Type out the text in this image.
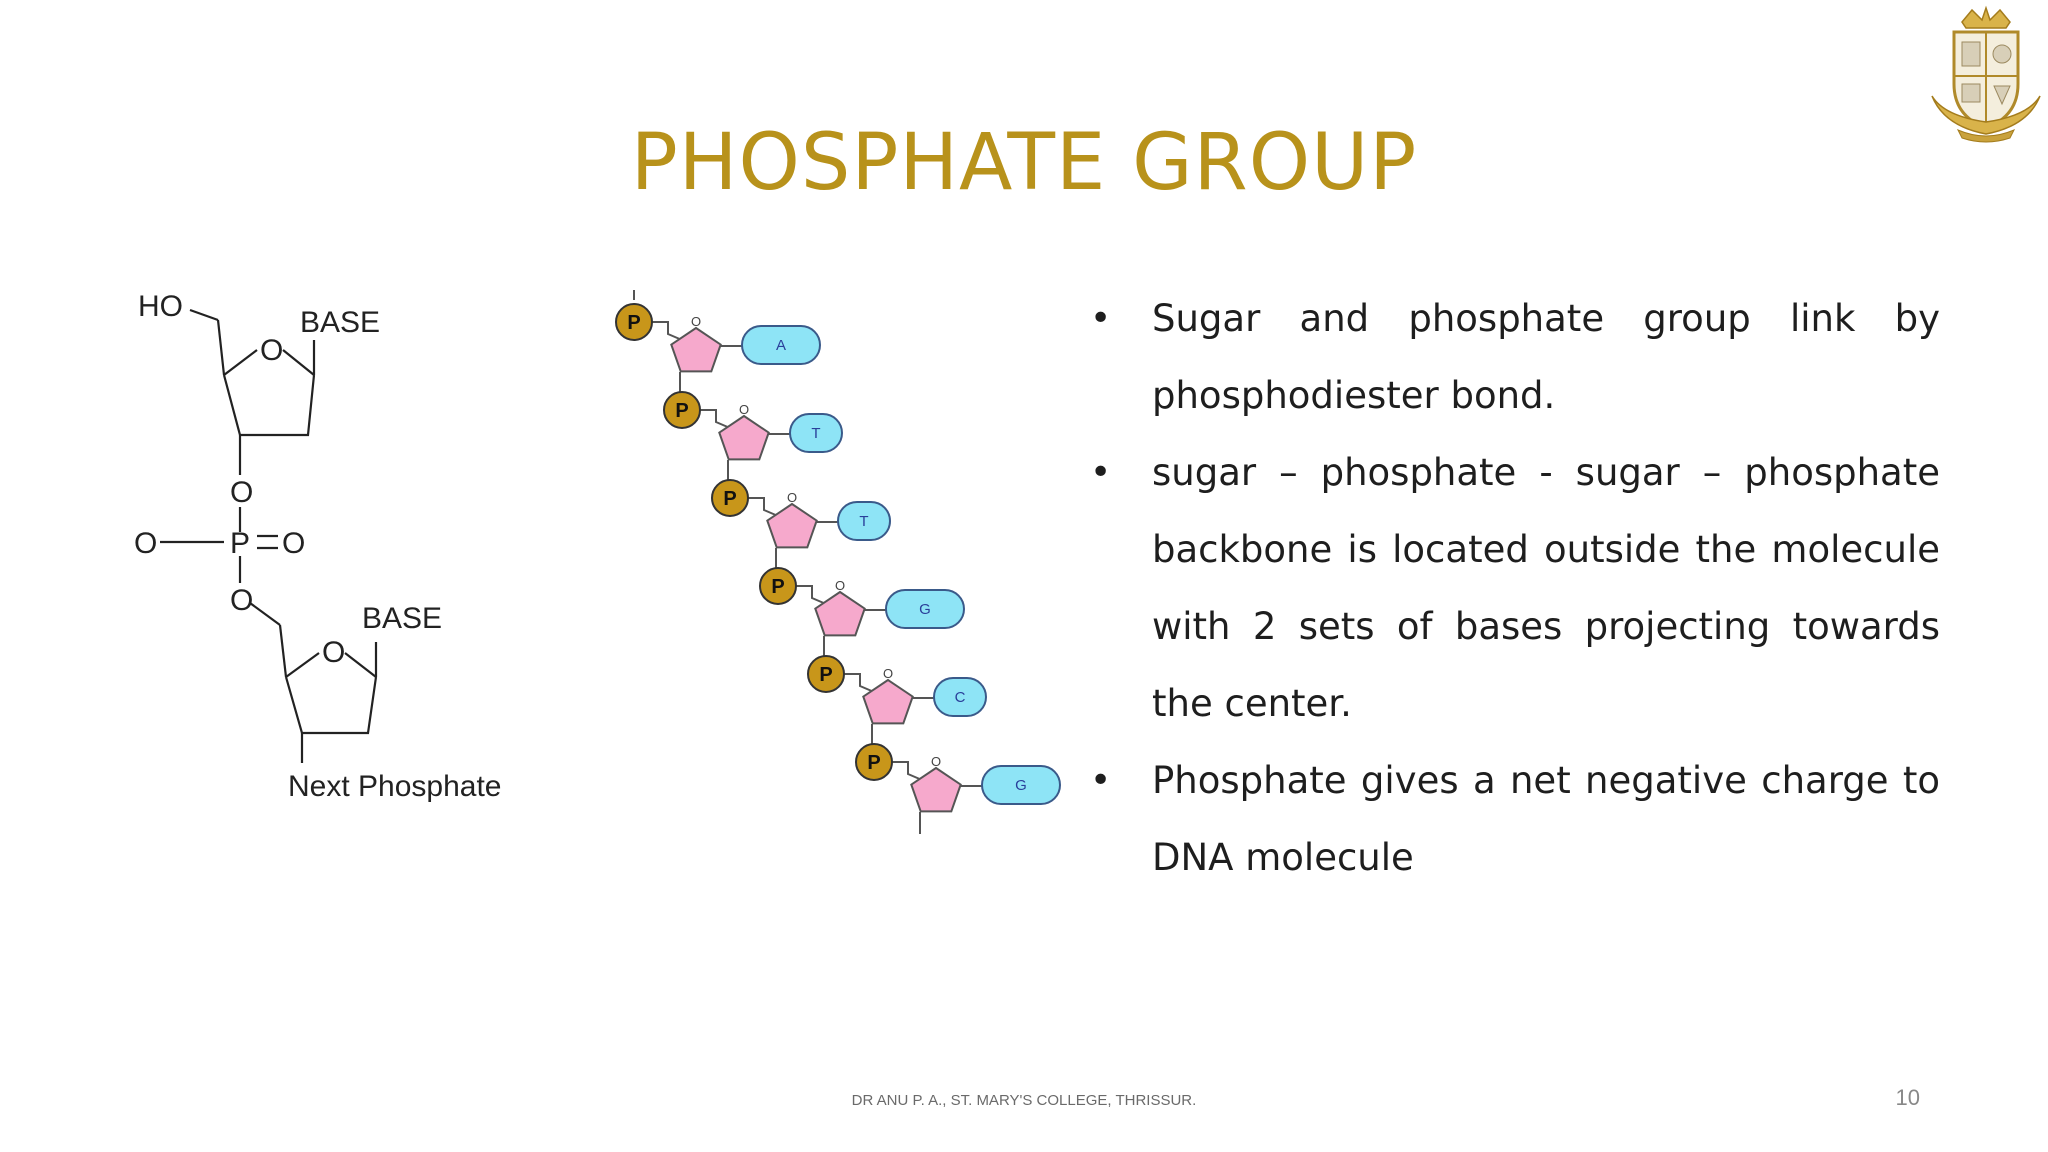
PHOSPHATE GROUP
HO
O
BASE
O
O P O
O
O
BASE
Next Phosphate
O
A
P
O
T
P
O
T
P
O
G
P
O
C
P
O
G
P
• Sugar and phosphate group link by phosphodiester bond.
• sugar – phosphate - sugar – phosphate backbone is located outside the molecule with 2 sets of bases projecting towards the center.
• Phosphate gives a net negative charge to DNA molecule
DR ANU P. A., ST. MARY'S COLLEGE, THRISSUR.	10
